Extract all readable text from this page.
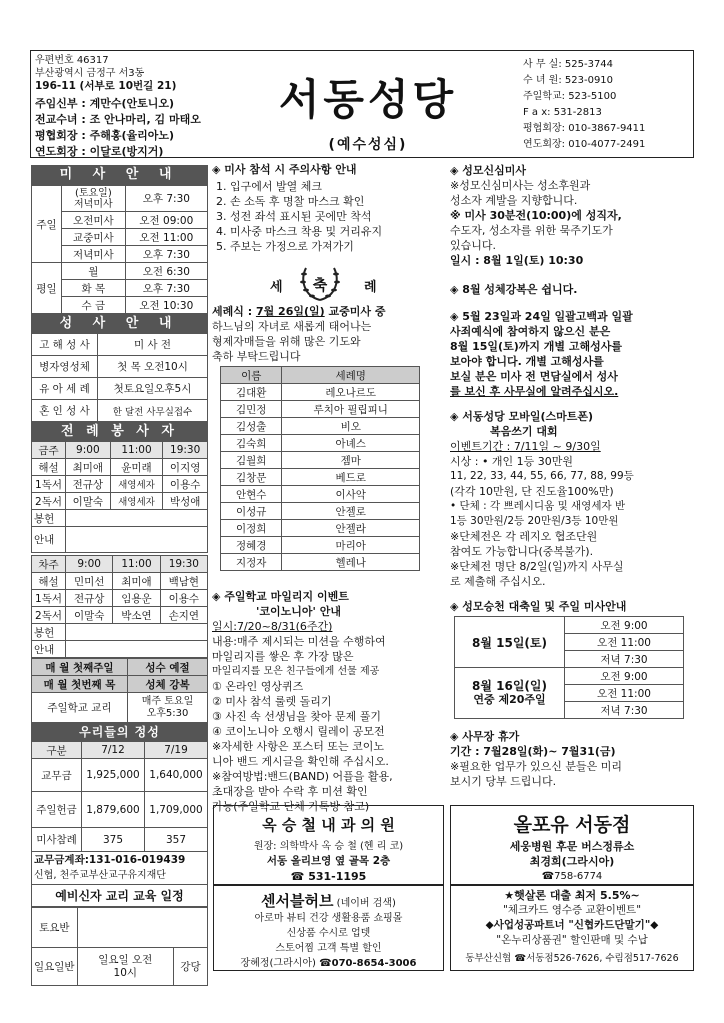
우편번호 46317
부산광역시 금정구 서3동
196-11 (서부로 10번길 21)
주임신부 : 계만수(안토니오)
전교수녀 : 조 안나마리, 김 마태오
평협회장 : 주해홍(율리아노)
연도회장 : 이달로(방지거)
서동성당
(예수성심)
사 무 실: 525-3744
수 녀 원: 523-0910
주일학교: 523-5100
F a x: 531-2813
평협회장: 010-3867-9411
연도회장: 010-4077-2491
미 사 안 내
주일	(토요일)
저녁미사	오후 7:30
	오전미사	오전 09:00
	교중미사	오전 11:00
	저녁미사	오후 7:30
평일	월	오전 6:30
	화 목	오후 7:30
	수 금	오전 10:30
성 사 안 내
고 해 성 사	미 사 전
병자영성체	첫 목 오전10시
유 아 세 례	첫토요일오후5시
혼 인 성 사	한 달전 사무실접수
전 례 봉 사 자
금주	9:00	11:00	19:30
해설	최미애	윤미래	이지영
1독서	전규상	새영세자	이용수
2독서	이말숙	새영세자	박성애
봉헌			
안내			
차주	9:00	11:00	19:30
해설	민미선	최미애	백남현
1독서	전규상	임용운	이용수
2독서	이말숙	박소연	손지연
봉헌			
안내			
매 월 첫째주일	성수 예절
매 월 첫번째 목	성체 강복
주일학교 교리	매주 토요일
오후5:30
우리들의 정성
구분	7/12	7/19
교무금	1,925,000	1,640,000
주일헌금	1,879,600	1,709,000
미사참례	375	357
교무금계좌:131-016-019439
신협, 천주교부산교구유지재단
예비신자 교리 교육 일정
토요반		
일요일반	일요일 오전
10시	강당
◈ 미사 참석 시 주의사항 안내
1. 입구에서 발열 체크
2. 손 소독 후 명찰 마스크 확인
3. 성전 좌석 표시된 곳에만 착석
4. 미사중 마스크 착용 및 거리유지
5. 주보는 가정으로 가져가기
세	축	례
세례식 : 7월 26일(일) 교중미사 중
하느님의 자녀로 새롭게 태어나는
형제자매들을 위해 많은 기도와
축하 부탁드립니다
이름	세례명
김대환	레오나르도
김민정	루치아 필립피니
김성출	비오
김숙희	아녜스
김월희	젬마
김창문	베드로
안현수	이사악
이성규	안젤로
이정희	안젤라
정혜경	마리아
지정자	헬레나
◈ 주일학교 마일리지 이벤트
'코이노니아' 안내
일시:7/20~8/31(6주간)
내용:매주 제시되는 미션을 수행하여
마일리지를 쌓은 후 가장 많은
마일리지를 모은 친구들에게 선물 제공
① 온라인 영상퀴즈
② 미사 참석 룰렛 돌리기
③ 사진 속 선생님을 찾아 문제 풀기
④ 코이노니아 오행시 릴레이 공모전
※자세한 사항은 포스터 또는 코이노
니아 밴드 게시글을 확인해 주십시오.
※참여방법:밴드(BAND) 어플을 활용,
초대장을 받아 수락 후 미션 확인
가능(주일학교 단체 카톡방 참고)
◈ 성모신심미사
※성모신심미사는 성소후원과
성소자 계발을 지향합니다.
※ 미사 30분전(10:00)에 성직자,
수도자, 성소자를 위한 묵주기도가
있습니다.
일시 : 8월 1일(토) 10:30
◈ 8월 성체강복은 쉽니다.
◈ 5월 23일과 24일 일괄고백과 일괄
사죄예식에 참여하지 않으신 분은
8월 15일(토)까지 개별 고해성사를
보아야 합니다. 개별 고해성사를
보실 분은 미사 전 면담실에서 성사
를 보신 후 사무실에 알려주십시오.
◈ 서동성당 모바일(스마트폰)
복음쓰기 대회
이벤트기간 : 7/11일 ~ 9/30일
시상 : • 개인 1등 30만원
11, 22, 33, 44, 55, 66, 77, 88, 99등
(각각 10만원, 단 진도율100%만)
• 단체 : 각 쁘레시디움 및 새영세자 반
1등 30만원/2등 20만원/3등 10만원
※단체전은 각 레지오 협조단원
참여도 가능합니다(중복불가).
※단체전 명단 8/2일(일)까지 사무실
로 제출해 주십시오.
◈ 성모승천 대축일 및 주일 미사안내
8월 15일(토)	오전 9:00
	오전 11:00
	저녁 7:30

8월 16일(일)
연중 제20주일	오전 9:00
	오전 11:00
	저녁 7:30
◈ 사무장 휴가
기간 : 7월28일(화)~ 7월31(금)
※필요한 업무가 있으신 분들은 미리
보시기 당부 드립니다.
옥 승 철 내 과 의 원
원장: 의학박사 옥 승 철 (헨 리 코)
서동 올리브영 옆 골목 2층
☎ 531-1195
센서블허브 (네이버 검색)
아로마 뷰티 건강 생활용품 쇼핑몰
신상품 수시로 업뎃
스토어찜 고객 특별 할인
장혜정(그라시아) ☎070-8654-3006
올포유 서동점
세웅병원 후문 버스정류소
최경희(그라시아)
☎758-6774
★햇살론 대출 최저 5.5%~
"체크카드 영수증 교환이벤트"
◆사업성공파트너 "신협카드단말기"◆
"온누리상품권" 할인판매 및 수납
동부산신협 ☎서동점526-7626, 수림점517-7626
